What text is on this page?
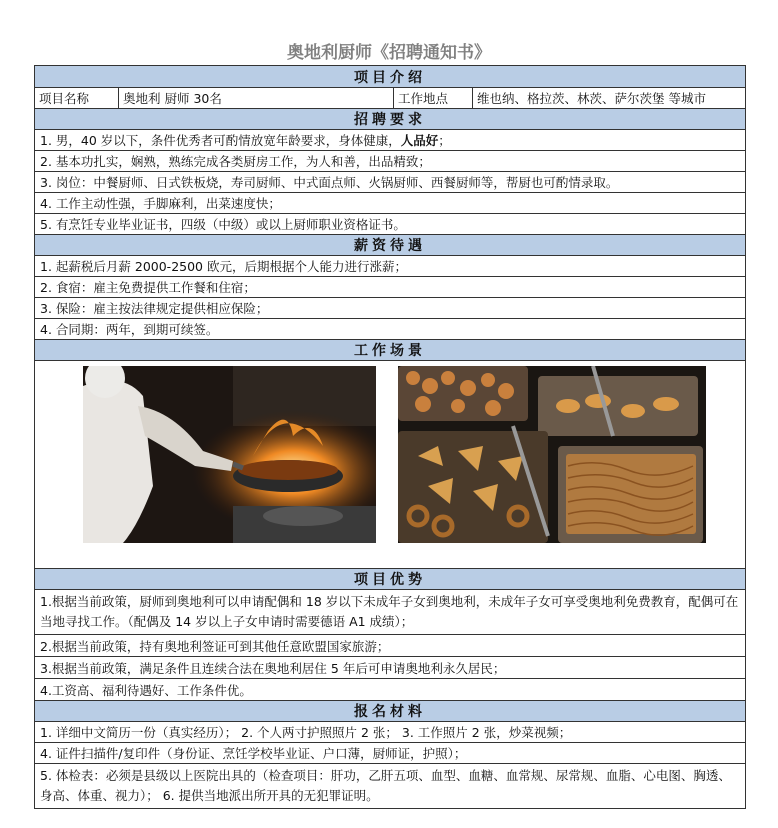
奥地利厨师《招聘通知书》
项目介绍
项目名称	奥地利 厨师 30名	工作地点	维也纳、格拉茨、林茨、萨尔茨堡 等城市
招聘要求
1. 男，40 岁以下，条件优秀者可酌情放宽年龄要求，身体健康， 人品好 ；
2. 基本功扎实，娴熟，熟练完成各类厨房工作，为人和善，出品精致；
3. 岗位：中餐厨师、日式铁板烧，寿司厨师、中式面点师、火锅厨师、西餐厨师等，帮厨也可酌情录取。
4. 工作主动性强，手脚麻利，出菜速度快；
5. 有烹饪专业毕业证书，四级（中级）或以上厨师职业资格证书。
薪资待遇
1. 起薪税后月薪 2000-2500 欧元，后期根据个人能力进行涨薪；
2. 食宿：雇主免费提供工作餐和住宿；
3. 保险：雇主按法律规定提供相应保险；
4. 合同期：两年，到期可续签。
工作场景
项目优势
1.根据当前政策，厨师到奥地利可以申请配偶和 18 岁以下未成年子女到奥地利，未成年子女可享受奥地利免费教育，配偶可在当地寻找工作。（配偶及 14 岁以上子女申请时需要德语 A1 成绩）；
2.根据当前政策，持有奥地利签证可到其他任意欧盟国家旅游；
3.根据当前政策，满足条件且连续合法在奥地利居住 5 年后可申请奥地利永久居民；
4.工资高、福利待遇好、工作条件优。
报名材料
1. 详细中文简历一份（真实经历）； 2. 个人两寸护照照片 2 张； 3. 工作照片 2 张，炒菜视频；
4. 证件扫描件/复印件（身份证、烹饪学校毕业证、户口薄，厨师证，护照）；
5. 体检表：必须是县级以上医院出具的（检查项目：肝功，乙肝五项、血型、血糖、血常规、尿常规、血脂、心电图、胸透、身高、体重、视力）； 6. 提供当地派出所开具的无犯罪证明。
